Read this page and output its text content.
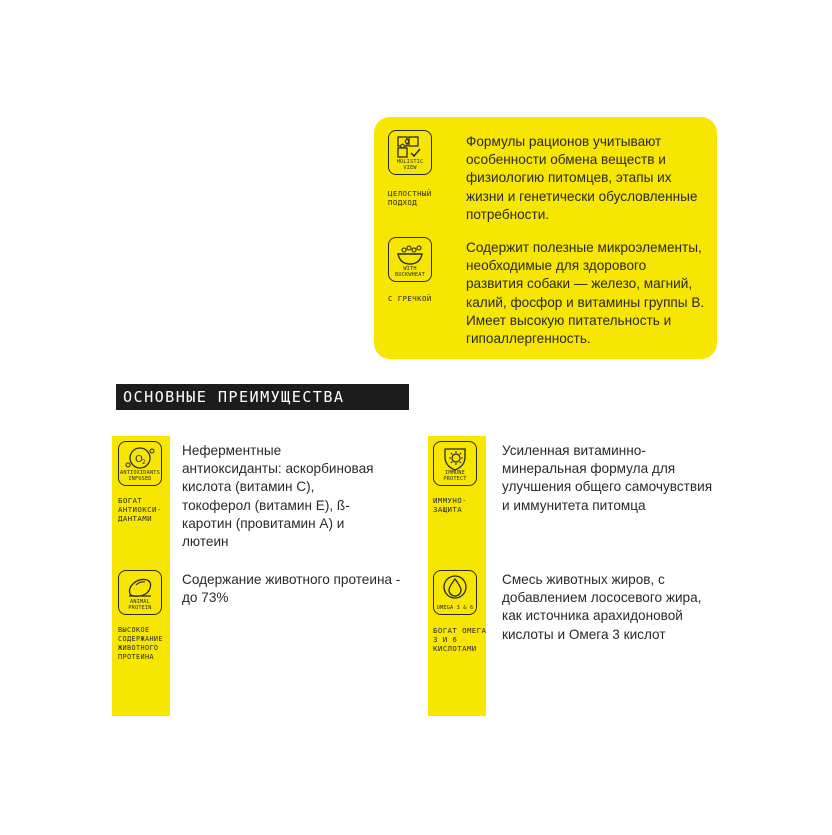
HOLISTIC VIEW
ЦЕЛОСТНЫЙ ПОДХОД
Формулы рационов учитывают особенности обмена веществ и физиологию питомцев, этапы их жизни и генетически обусловленные потребности.
WITH BUCKWHEAT
С ГРЕЧКОЙ
Содержит полезные микроэлементы, необходимые для здорового развития собаки — железо, магний, калий, фосфор и витамины группы В. Имеет высокую питательность и гипоаллергенность.
ОСНОВНЫЕ ПРЕИМУЩЕСТВА
O 2
ANTIOXIDANTS INFUSED
БОГАТ АНТИОКСИ-ДАНТАМИ
Неферментные антиоксиданты: аскорбиновая кислота (витамин С), токоферол (витамин Е), ß-каротин (провитамин А) и лютеин
IMMUNE PROTECT
ИММУНО-ЗАЩИТА
Усиленная витаминно-минеральная формула для улучшения общего самочувствия и иммунитета питомца
ANIMAL PROTEIN
ВЫСОКОЕ СОДЕРЖАНИЕ ЖИВОТНОГО ПРОТЕИНА
Содержание животного протеина - до 73%
OMEGA 3 & 6
БОГАТ ОМЕГА 3 И 6 КИСЛОТАМИ
Смесь животных жиров, с добавлением лососевого жира, как источника арахидоновой кислоты и Омега 3 кислот
